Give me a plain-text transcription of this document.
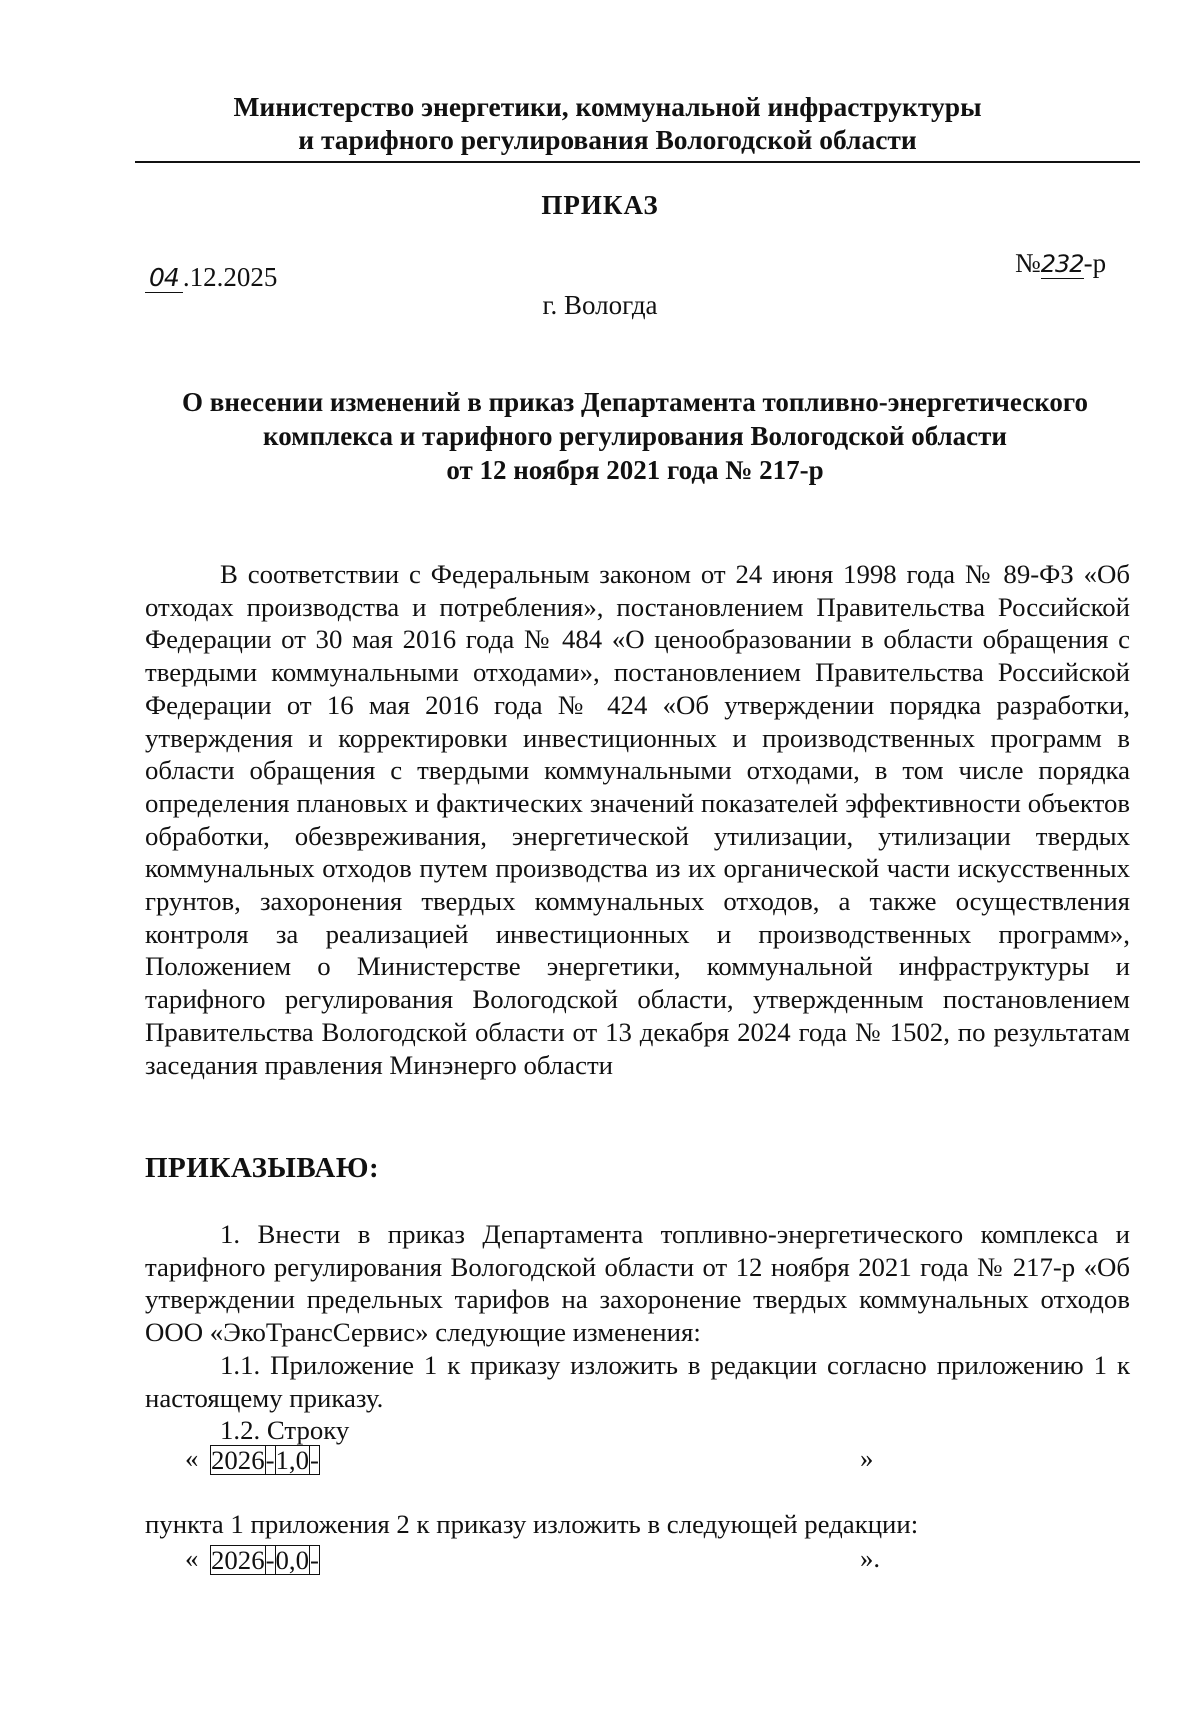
Министерство энергетики, коммунальной инфраструктуры
и тарифного регулирования Вологодской области
ПРИКАЗ
04 .12.2025	№232-р
г. Вологда
О внесении изменений в приказ Департамента топливно-энергетического
комплекса и тарифного регулирования Вологодской области
от 12 ноября 2021 года № 217-р
В соответствии с Федеральным законом от 24 июня 1998 года № 89-ФЗ «Об отходах производства и потребления», постановлением Правительства Российской Федерации от 30 мая 2016 года № 484 «О ценообразовании в области обращения с твердыми коммунальными отходами», постановлением Правительства Российской Федерации от 16 мая 2016 года № 424 «Об утверждении порядка разработки, утверждения и корректировки инвестиционных и производственных программ в области обращения с твердыми коммунальными отходами, в том числе порядка определения плановых и фактических значений показателей эффективности объектов обработки, обезвреживания, энергетической утилизации, утилизации твердых коммунальных отходов путем производства из их органической части искусственных грунтов, захоронения твердых коммунальных отходов, а также осуществления контроля за реализацией инвестиционных и производственных программ», Положением о Министерстве энергетики, коммунальной инфраструктуры и тарифного регулирования Вологодской области, утвержденным постановлением Правительства Вологодской области от 13 декабря 2024 года № 1502, по результатам заседания правления Минэнерго области
ПРИКАЗЫВАЮ:
1. Внести в приказ Департамента топливно-энергетического комплекса и тарифного регулирования Вологодской области от 12 ноября 2021 года № 217-р «Об утверждении предельных тарифов на захоронение твердых коммунальных отходов ООО «ЭкоТрансСервис» следующие изменения:
1.1. Приложение 1 к приказу изложить в редакции согласно приложению 1 к настоящему приказу.
1.2. Строку
« 2026	-	1,0	-	»
пункта 1 приложения 2 к приказу изложить в следующей редакции:
« 2026	-	0,0	-	».
